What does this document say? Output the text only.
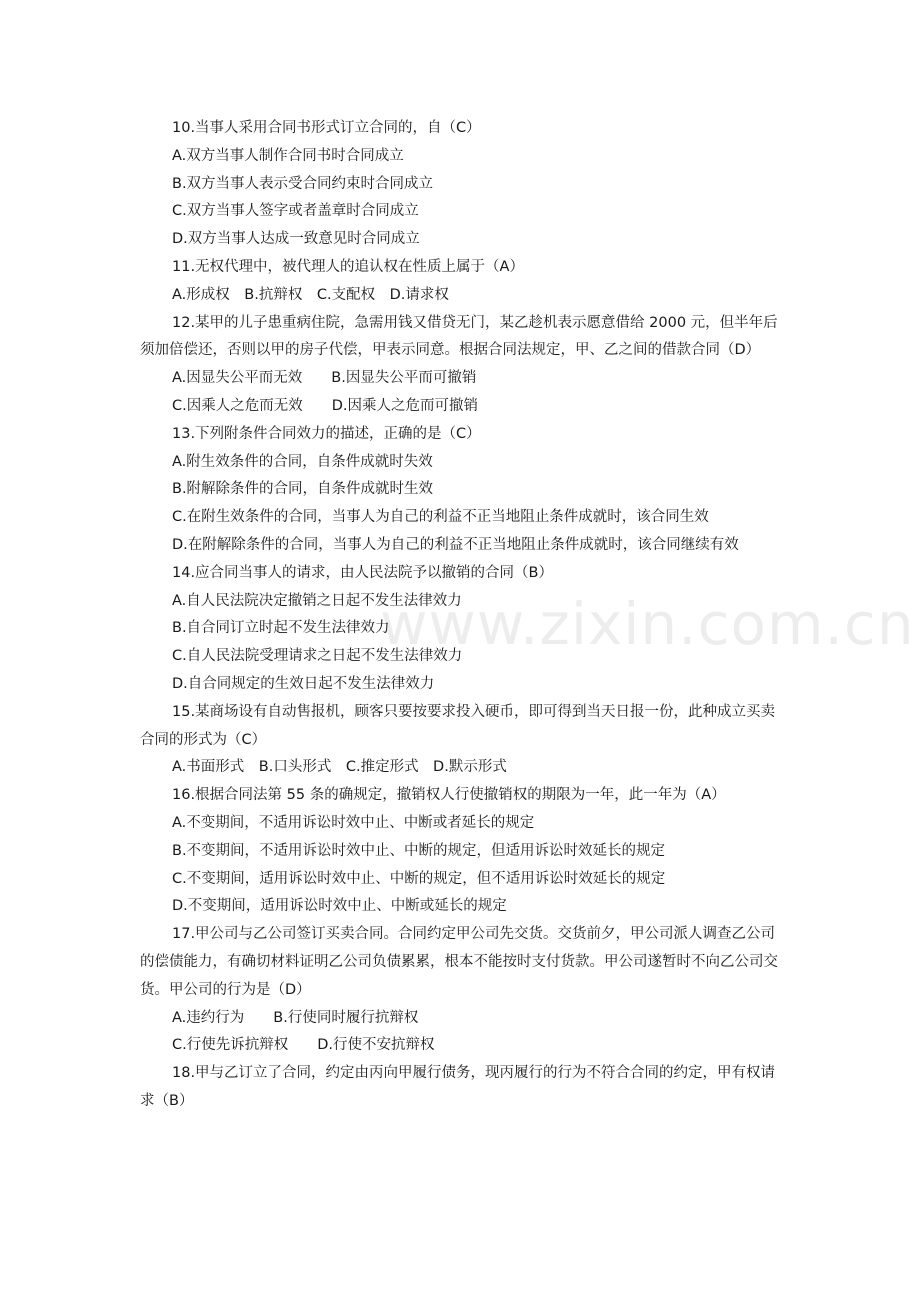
www.zixin.com.cn

10.当事人采用合同书形式订立合同的，自（C）

A.双方当事人制作合同书时合同成立

B.双方当事人表示受合同约束时合同成立

C.双方当事人签字或者盖章时合同成立

D.双方当事人达成一致意见时合同成立

11.无权代理中，被代理人的追认权在性质上属于（A）

A.形成权　B.抗辩权　C.支配权　D.请求权

12.某甲的儿子患重病住院，急需用钱又借贷无门，某乙趁机表示愿意借给 2000 元，但半年后须加倍偿还，否则以甲的房子代偿，甲表示同意。根据合同法规定，甲、乙之间的借款合同（D）

A.因显失公平而无效　　B.因显失公平而可撤销

C.因乘人之危而无效　　D.因乘人之危而可撤销

13.下列附条件合同效力的描述，正确的是（C）

A.附生效条件的合同，自条件成就时失效

B.附解除条件的合同，自条件成就时生效

C.在附生效条件的合同，当事人为自己的利益不正当地阻止条件成就时，该合同生效

D.在附解除条件的合同，当事人为自己的利益不正当地阻止条件成就时，该合同继续有效

14.应合同当事人的请求，由人民法院予以撤销的合同（B）

A.自人民法院决定撤销之日起不发生法律效力

B.自合同订立时起不发生法律效力

C.自人民法院受理请求之日起不发生法律效力

D.自合同规定的生效日起不发生法律效力

15.某商场设有自动售报机，顾客只要按要求投入硬币，即可得到当天日报一份，此种成立买卖合同的形式为（C）

A.书面形式　B.口头形式　C.推定形式　D.默示形式

16.根据合同法第 55 条的确规定，撤销权人行使撤销权的期限为一年，此一年为（A）

A.不变期间，不适用诉讼时效中止、中断或者延长的规定

B.不变期间，不适用诉讼时效中止、中断的规定，但适用诉讼时效延长的规定

C.不变期间，适用诉讼时效中止、中断的规定，但不适用诉讼时效延长的规定

D.不变期间，适用诉讼时效中止、中断或延长的规定

17.甲公司与乙公司签订买卖合同。合同约定甲公司先交货。交货前夕，甲公司派人调查乙公司的偿债能力，有确切材料证明乙公司负债累累，根本不能按时支付货款。甲公司遂暂时不向乙公司交货。甲公司的行为是（D）

A.违约行为　　B.行使同时履行抗辩权

C.行使先诉抗辩权　　D.行使不安抗辩权

18.甲与乙订立了合同，约定由丙向甲履行债务，现丙履行的行为不符合合同的约定，甲有权请求（B）
